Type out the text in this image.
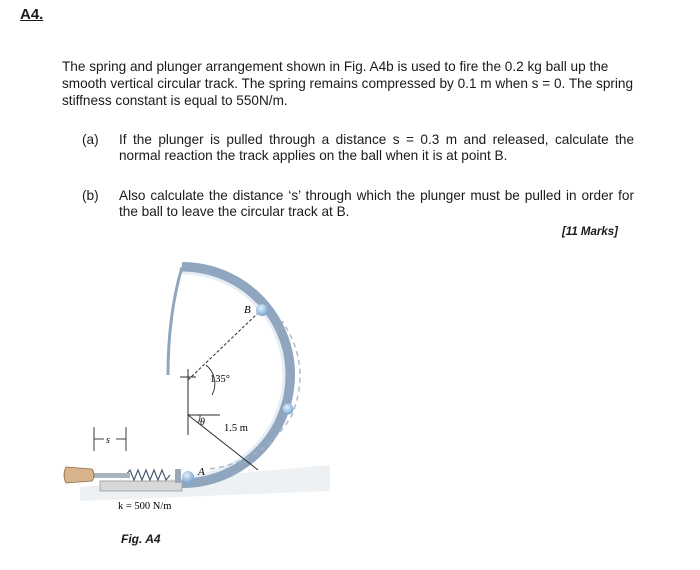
A4.
The spring and plunger arrangement shown in Fig. A4b is used to fire the 0.2 kg ball up the smooth vertical circular track. The spring remains compressed by 0.1 m when s = 0. The spring stiffness constant is equal to 550N/m.
(a) If the plunger is pulled through a distance s = 0.3 m and released, calculate the normal reaction the track applies on the ball when it is at point B.
(b) Also calculate the distance ‘s’ through which the plunger must be pulled in order for the ball to leave the circular track at B.
[11 Marks]
B
A
135°
θ
1.5 m
s
k = 500 N/m
Fig. A4
